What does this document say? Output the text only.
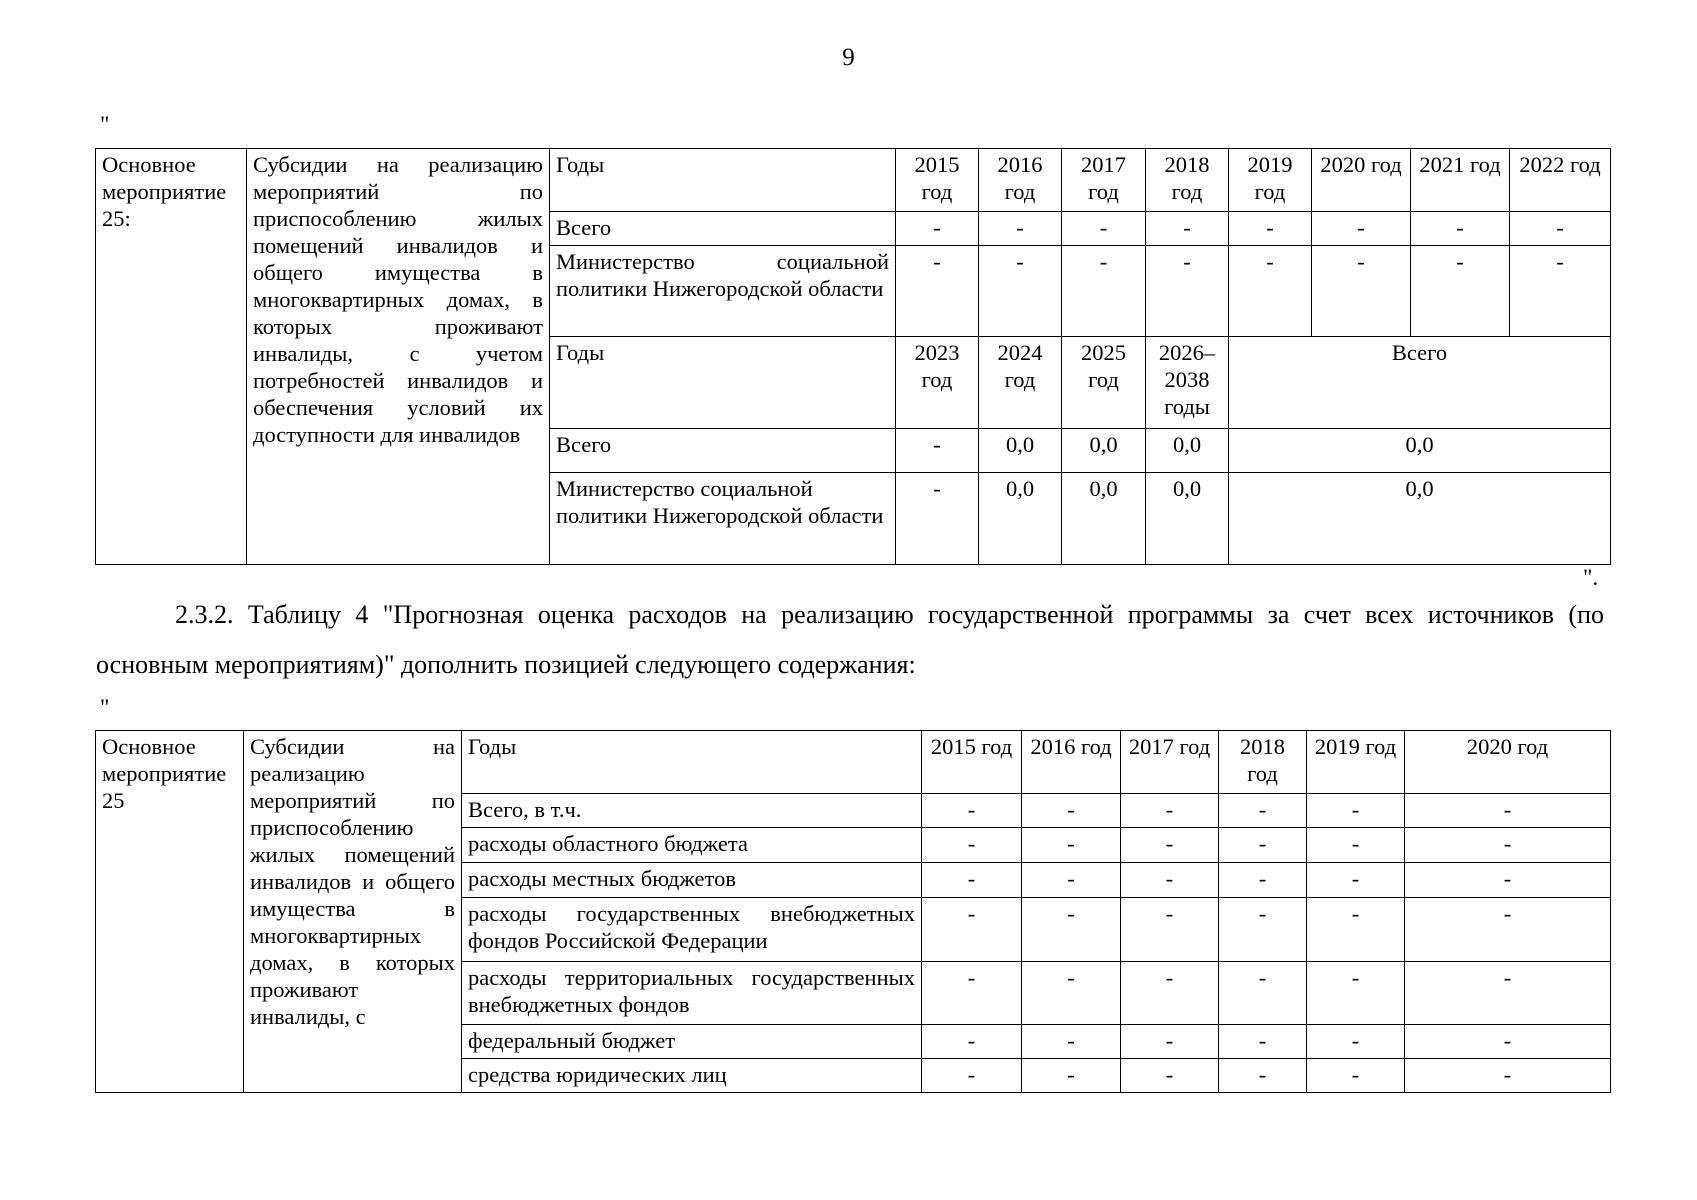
9
"
Основное мероприятие 25:	Субсидии на реализацию мероприятий по приспособлению жилых помещений инвалидов и общего имущества в многоквартирных домах, в которых проживают инвалиды, с учетом потребностей инвалидов и обеспечения условий их доступности для инвалидов	Годы	2015 год	2016 год	2017 год	2018 год	2019 год	2020 год	2021 год	2022 год
		Всего	-	-	-	-	-	-	-	-
		Министерство социальной политики Нижегородской области	-	-	-	-	-	-	-	-
		Годы	2023 год	2024 год	2025 год	2026–2038 годы	Всего			
		Всего	-	0,0	0,0	0,0	0,0			
		Министерство социальной политики Нижегородской области	-	0,0	0,0	0,0	0,0			
".
2.3.2. Таблицу 4 "Прогнозная оценка расходов на реализацию государственной программы за счет всех источников (по основным мероприятиям)" дополнить позицией следующего содержания:
"
Основное мероприятие 25	Субсидии на реализацию мероприятий по приспособлению жилых помещений инвалидов и общего имущества в многоквартирных домах, в которых проживают инвалиды, с	Годы	2015 год	2016 год	2017 год	2018 год	2019 год	2020 год
		Всего, в т.ч.	-	-	-	-	-	-
		расходы областного бюджета	-	-	-	-	-	-
		расходы местных бюджетов	-	-	-	-	-	-
		расходы государственных внебюджетных фондов Российской Федерации	-	-	-	-	-	-
		расходы территориальных государственных внебюджетных фондов	-	-	-	-	-	-
		федеральный бюджет	-	-	-	-	-	-
		средства юридических лиц	-	-	-	-	-	-
